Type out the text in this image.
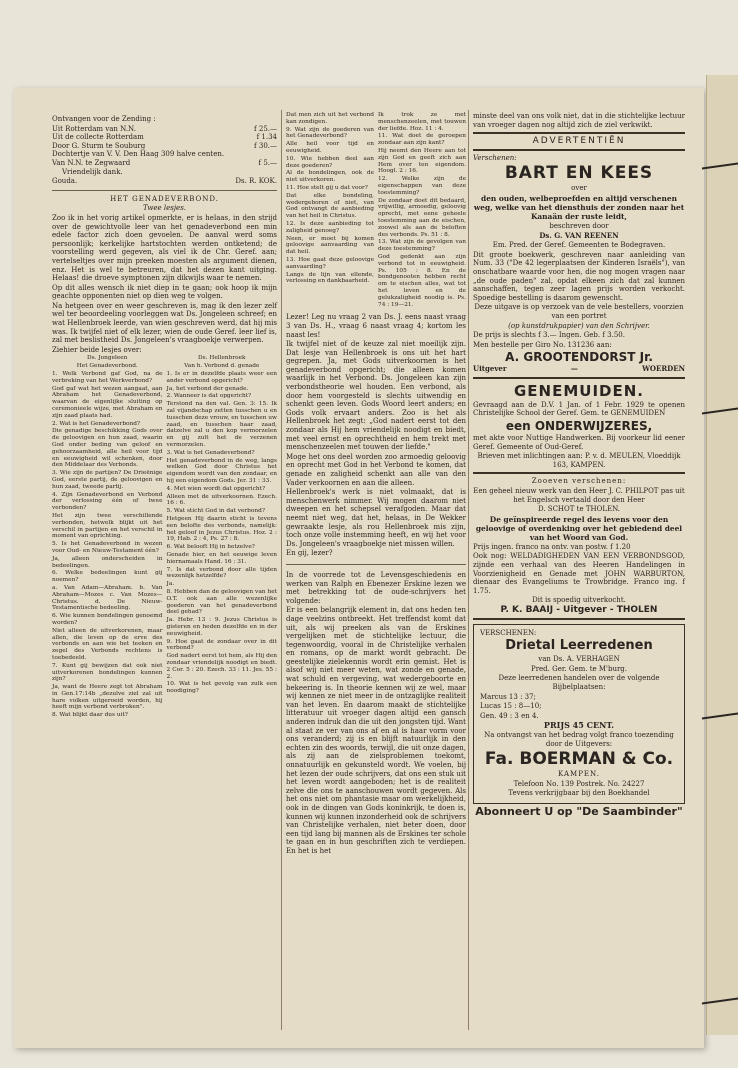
Ontvangen voor de Zending :

Uit Rotterdam van N.N.	f 25.—
Uit de collecte Rotterdam	f 1.34
Door G. Sturm te Souburg	f 30.—
Dochtertje van V. V. Den Haag 309 halve centen.
Van N.N. te Zegwaard	f 5.—

Vriendelijk dank.

Gouda.	Ds. R. KOK.

HET GENADEVERBOND.

Twee lesjes.

Zoo ik in het vorig artikel opmerkte, er is helaas, in den strijd over de gewichtvolle leer van het genadeverbond een min edele factor zich doen gevoelen. De aanval werd soms persoonlijk; kerkelijke hartstochten werden ontketend; de voorstelling werd gegeven, als viel ik de Chr. Geref. aan; vertelseltjes over mijn preeken moesten als argument dienen, enz. Het is wel te betreuren, dat het dezen kant uitging. Helaas! die droeve symptonen zijn dikwijls waar te nemen.

Op dit alles wensch ik niet diep in te gaan; ook hoop ik mijn geachte opponenten niet op dien weg te volgen.

Na hetgeen over en weer geschreven is, mag ik den lezer zelf wel ter beoordeeling voorleggen wat Ds. Jongeleen schreef; en wat Hellenbroek leerde, van wien geschreven werd, dat hij mis was. Ik twijfel niet of elk lezer, wien de oude Geref. leer lief is, zal met beslistheid Ds. Jongeleen's vraagboekje verwerpen.

Ziehier beide lesjes over:

Ds. Jongeleen

Het Genadeverbond.

1. Welk Verbond gaf God, na de verbreking van het Werkverbond?

God gaf wat het wezen aangaat, aan Abraham het Genadeverbond, waarvan de eigenlijke sluiting op ceremonieele wijze, met Abraham en zijn zaad plaats had.

2. Wat is het Genadeverbond?

Die genadige beschikking Gods over de geloovigen en hun zaad, waarin God onder beding van geloof en gehoorzaamheid, alle heil voor tijd en eeuwigheid wil schenken, door den Middelaar des Verbonds.

3. Wie zijn de partijen? De Drieënige God, eerste partij, de geloovigen en hun zaad, tweede partij.

4. Zijn Genadeverbond en Verbond der verlossing één of twee verbonden?

Het zijn twee verschillende verbonden, hetwelk blijkt uit het verschil in partijen en het verschil in moment van oprichting.

5. Is het Genadeverbond in wezen voor Oud- en Nieuw-Testament één?

Ja, alleen onderscheiden in bedeelingen.

6. Welke bedeelingen kunt gij noemen?

a. Van Adam—Abraham. b. Van Abraham—Mozes c. Van Mozes— Christus. d. De Nieuw-Testamentische bedeeling.

6. Wie kunnen bondelingen genoemd worden?

Niet alleen de uitverkorenen, maar allen, die leven op de erve des verbonds en aan wie het teeken en zegel des Verbonds rechtens is toebedeeld.

7. Kunt gij bewijzen dat ook niet uitverkorenen bondelingen kunnen zijn?

Ja, want de Heere zegt tot Abraham in Gen.17:14b „dezulve ziel zal uit hare volken uitgeroeid worden, hij heeft mijn verbond verbroken".

8. Wat blijkt daar dus uit?

Ds. Hellenbroek

Van h. Verbond d. genade

1. Is er in dezelfde plaats weer een ander verbond opgericht?

Ja, het verbond der genade.

2. Wanneer is dat opgericht?

Terstond na den val. Gen. 3: 15. Ik zal vijandschap zetten tusschen u en tusschen deze vrouw, en tusschen uw zaad, en tusschen haar zaad, datzelve zal u den kop vermorzelen en gij zult het de verzenen vermorzelen.

3. Wat is het Genadeverbond?

Het genadeverbond in de weg, langs welken God door Christus het eigendom wordt van den zondaar, en hij een eigendom Gods. Jer. 31 : 33.

4. Met wien wordt dat opgericht?

Alleen met de uitverkoornen. Ezech. 16 : 6.

5. Wat sticht God in dat verbond?

Hetgeen Hij daarin sticht is tevens een belofte des verbonds, namelijk: het geloof in Jezus Christus. Hoz. 2 : 19, Hab. 2 : 4, Ps. 27 : 8.

6. Wat belooft Hij in hetzelve?

Genade hier, en het eeuwige leven hiernamaals Hand. 16 : 31.

7. Is dat verbond door alle tijden wezenlijk hetzelfde?

Ja.

8. Hebben dan de geloovigen van het O.T. ook aan alle wezenlijke goederen van het genadeverbond deel gehad?

Ja. Hebr. 13 : 9. Jezus Christus is gisteren en heden dezelfde en in der eeuwigheid.

9. Hoe gaat de zondaar over in dit verbond?

God nadert eerst tot hem, als Hij den zondaar vriendelijk noodigt en biedt. 2 Cor. 5 : 20. Ezech. 33 : 11. Jes. 55 : 2.

10. Wat is het gevolg van zulk een noodiging?

Dat men zich uit het verbond kan zondigen.

9. Wat zijn de goederen van het Genadeverbond?

Alle heil voor tijd en eeuwigheid.

10. Wie hebben deel aan deze goederen?

Al de bondelingen, ook de niet uitverkoren.

11. Hoe stelt gij u dat voor?

Dat elke bondeling, wedergeboren of niet, van God ontvangt de aanbieding van het heil in Christus.

12. Is deze aanbieding tot zaligheid genoeg?

Neen, er moet bij komen geloovige aanvaarding van dat heil.

13. Hoe gaat deze geloovige aanvaarding?

Langs de lijn van ellende, verlossing en dankbaarheid.

Ik trok ze met menschenzeelen, met touwen der liefde. Hoz. 11 : 4.

11. Wat doet de geroepen zondaar aan zijn kant?

Hij neemt den Heere aan tot zijn God en geeft zich aan Hem over ten eigendom. Hoogl. 2 : 16.

12. Welke zijn de eigenschappen van deze toestemming?

De zondaar doet dit bedaard, vrijwillig, armoedig, geloovig oprecht, met eene geheele toestemming aan de eischen, zoowel als aan de beloften des verbonds. Ps. 51 : 8.

13. Wat zijn de gevolgen van deze toestemming?

God gedenkt aan zijn verbond tot in eeuwigheid. Ps. 105 : 8. En de bondgenooten hebben recht om te eischen alles, wat tot het leven en de gelukzaligheid noodig is. Ps. 74 : 19—21.

Lezer! Leg nu vraag 2 van Ds. J. eens naast vraag 3 van Ds. H., vraag 6 naast vraag 4; kortom les naast les!

Ik twijfel niet of de keuze zal niet moeilijk zijn. Dat lesje van Hellenbroek is ons uit het hart gegrepen. Ja, met Gods uitverkoornen is het genadeverbond opgericht; die alleen komen waarlijk in het Verbond. Ds. Jongeleen kan zijn verbondstheorie wel houden. Een verbond, als door hem voorgesteld is slechts uitwendig en schenkt geen leven. Gods Woord leert anders; en Gods volk ervaart anders. Zoo is het als Hellenbroek het zegt: „God nadert eerst tot den zondaar als Hij hem vriendelijk noodigt en biedt, met veel ernst en oprechtheid en hem trekt met menschenzeelen met touwen der liefde."

Moge het ons deel worden zoo armoedig geloovig en oprecht met God in het Verbond te komen, dat genade en zaligheid schenkt aan alle van den Vader verkoornen en aan die alleen.

Hellenbroek's werk is niet volmaakt, dat is menschenwerk nimmer. Wij mogen daarom niet dweepen en het schepsel verafgoden. Maar dat neemt niet weg, dat het, helaas, in De Wekker gewraakte lesje, als rou Hellenbroek mis zijn, toch onze volle instemming heeft, en wij het voor Ds. Jongeleen's vraagboekje niet missen willen.

En gij, lezer?

In de voorrede tot de Levensgeschiedenis en werken van Ralph en Ebenezer Erskine lezen we met betrekking tot de oude-schrijvers het volgende:

Er is een belangrijk element in, dat ons heden ten dage veelzins ontbreekt. Het treffendst komt dat uit, als wij preeken als van de Erskines vergelijken met de stichtelijke lectuur, die tegenwoordig, vooral in de Christelijke verhalen en romans, op de markt wordt gebracht. De geestelijke zielekennis wordt erin gemist. Het is alsof wij niet meer weten, wat zonde en genade, wat schuld en vergeving, wat wedergeboorte en bekeering is. In theorie kennen wij ze wel, maar wij kennen ze niet meer in de ontzaglijke realiteit van het leven. En daarom maakt de stichtelijke litteratuur uit vroeger dagen altijd een gansch anderen indruk dan die uit den jongsten tijd. Want al staat ze ver van ons af en al is haar vorm voor ons veranderd; zij is en blijft natuurlijk in den echten zin des woords, terwijl, die uit onze dagen, als zij aan de zielsproblemen toekomt, onnatuurlijk en gekunsteld wordt. We voelen, bij het lezen der oude schrijvers, dat ons een stuk uit het leven wordt aangeboden; het is de realiteit zelve die ons te aanschouwen wordt gegeven. Als het ons niet om phantasie maar om werkelijkheid, ook in de dingen van Gods koninkrijk, te doen is, kunnen wij kunnen inzonderheid ook de schrijvers van Christelijke verhalen, niet beter doen, door een tijd lang bij mannen als de Erskines ter schole te gaan en in hun geschriften zich te verdiepen. En het is het

minste deel van ons volk niet, dat in die stichtelijke lectuur van vroeger dagen nog altijd zich de ziel verkwikt.

ADVERTENTIËN

Verschenen:

BART EN KEES

over

den ouden, welbeproefden en altijd verschenen weg, welke van het diensthuis der zonden naar het Kanaän der ruste leidt,

beschreven door

Ds. G. VAN REENEN

Em. Pred. der Geref. Gemeenten te Bodegraven.

Dit groote boekwerk, geschreven naar aanleiding van Num. 33 ("De 42 legerplaatsen der Kinderen Israëls"), van onschatbare waarde voor hen, die nog mogen vragen naar „de oude paden" zal, opdat elkeen zich dat zal kunnen aanschaffen, tegen zeer lagen prijs worden verkocht. Spoedige bestelling is daarom gewenscht.

Deze uitgave is op verzoek van de vele bestellers, voorzien van een portret

(op kunstdrukpapier) van den Schrijver.

De prijs is slechts f 3.— Ingen. Geb. f 3.50.

Men bestelle per Giro No. 131236 aan:

A. GROOTENDORST Jr.

Uitgever	—	WOERDEN

GENEMUIDEN.

Gevraagd aan de D.V. 1 Jan. of 1 Febr. 1929 te openen Christelijke School der Geref. Gem. te GENEMUIDEN

een ONDERWIJZERES,

met akte voor Nuttige Handwerken. Bij voorkeur lid eener Geref. Gemeente of Oud-Geref.

Brieven met inlichtingen aan: P. v. d. MEULEN, Vloeddijk 163, KAMPEN.

Zooeven verschenen:

Een geheel nieuw werk van den Heer J. C. PHILPOT pas uit het Engelsch vertaald door den Heer

D. SCHOT te THOLEN.

De geïnspireerde regel des levens voor den geloovige of overdenking over het gebiedend deel van het Woord van God.

Prijs ingen. franco na ontv. van postw. f 1.20

Ook nog: WELDADIGHEDEN VAN EEN VERBONDSGOD, zijnde een verhaal van des Heeren Handelingen in Voorzienigheid en Genade met JOHN WARBURTON, dienaar des Evangeliums te Trowbridge. Franco ing. f 1.75.

Dit is spoedig uitverkocht.

P. K. BAAIJ - Uitgever - THOLEN

VERSCHENEN:

Drietal Leerredenen

van Ds. A. VERHAGEN

Pred. Ger. Gem. te M'burg.

Deze leerredenen handelen over de volgende Bijbelplaatsen:

Marcus 13 : 37;

Lucas 15 : 8—10;

Gen. 49 : 3 en 4.

PRIJS 45 CENT.

Na ontvangst van het bedrag volgt franco toezending door de Uitgevers:

Fa. BOERMAN & Co.

KAMPEN.

Telefoon No. 139 Postrek. No. 24227

Tevens verkrijgbaar bij den Boekhandel

Abonneert U op "De Saambinder"
